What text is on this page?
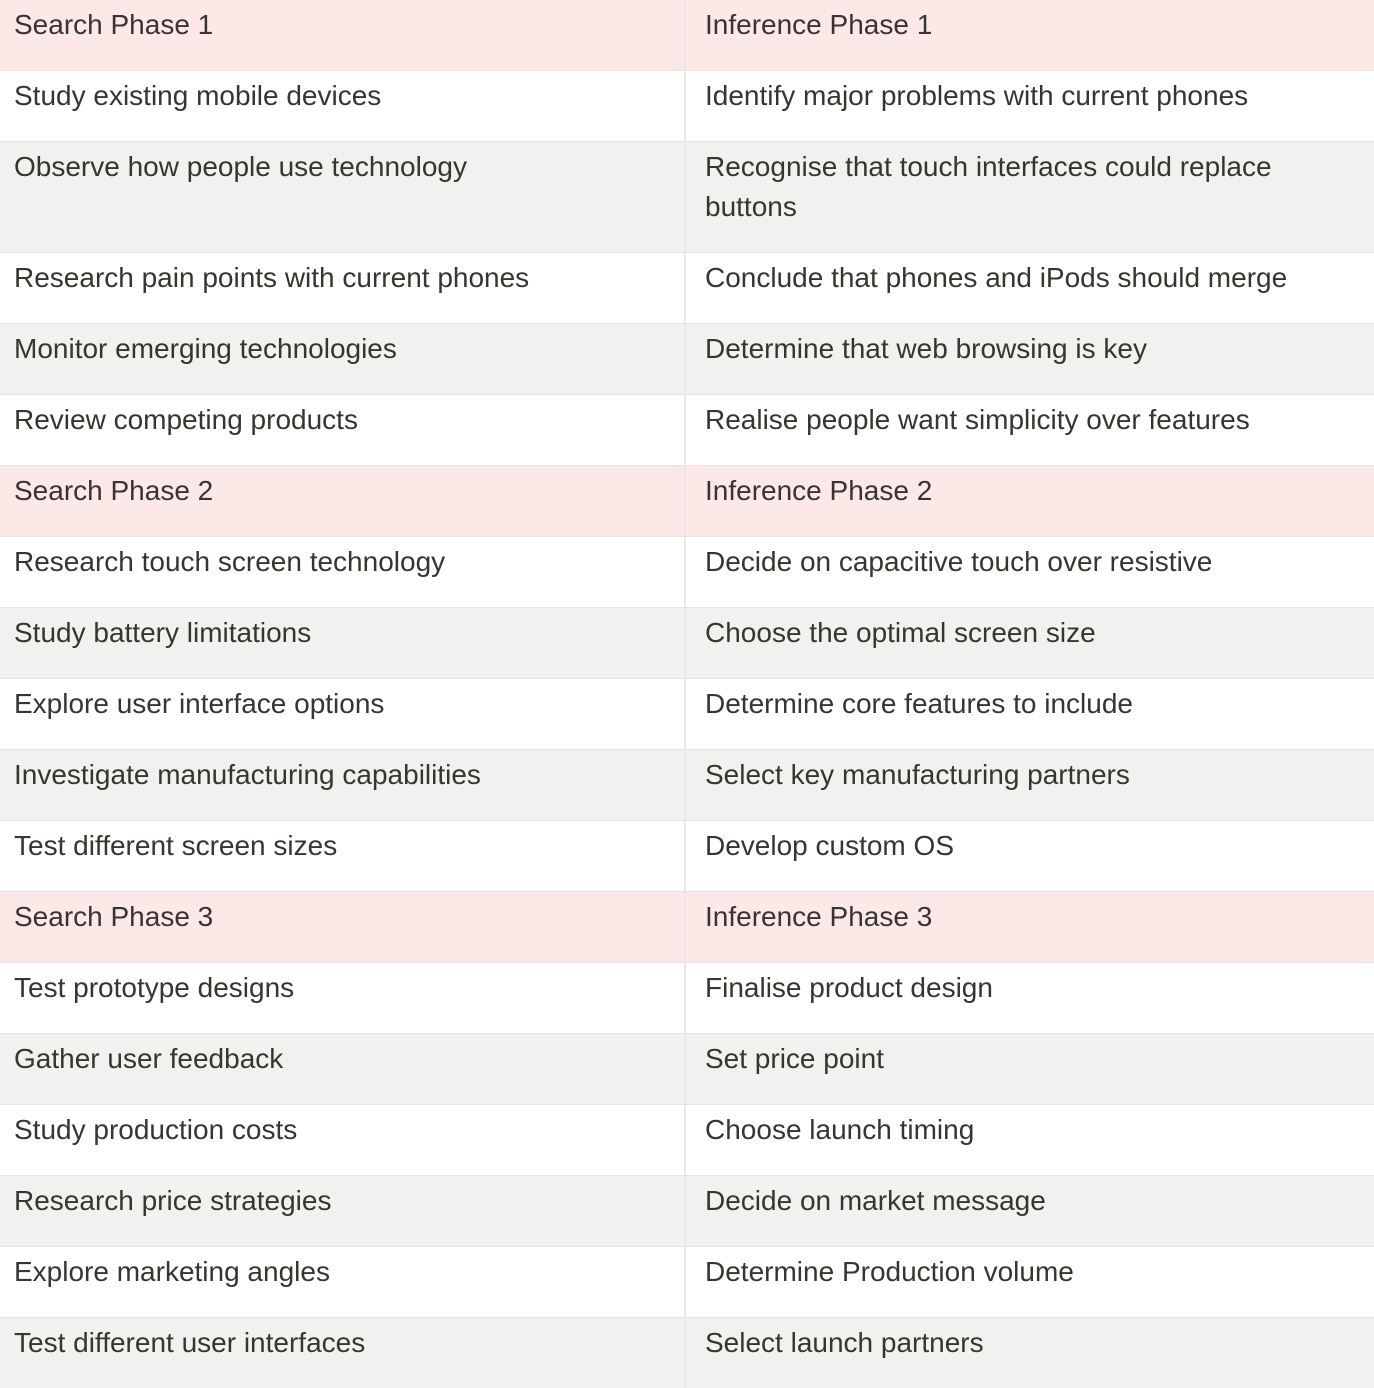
Search Phase 1	Inference Phase 1
Study existing mobile devices	Identify major problems with current phones
Observe how people use technology	Recognise that touch interfaces could replace buttons
Research pain points with current phones	Conclude that phones and iPods should merge
Monitor emerging technologies	Determine that web browsing is key
Review competing products	Realise people want simplicity over features
Search Phase 2	Inference Phase 2
Research touch screen technology	Decide on capacitive touch over resistive
Study battery limitations	Choose the optimal screen size
Explore user interface options	Determine core features to include
Investigate manufacturing capabilities	Select key manufacturing partners
Test different screen sizes	Develop custom OS
Search Phase 3	Inference Phase 3
Test prototype designs	Finalise product design
Gather user feedback	Set price point
Study production costs	Choose launch timing
Research price strategies	Decide on market message
Explore marketing angles	Determine Production volume
Test different user interfaces	Select launch partners
